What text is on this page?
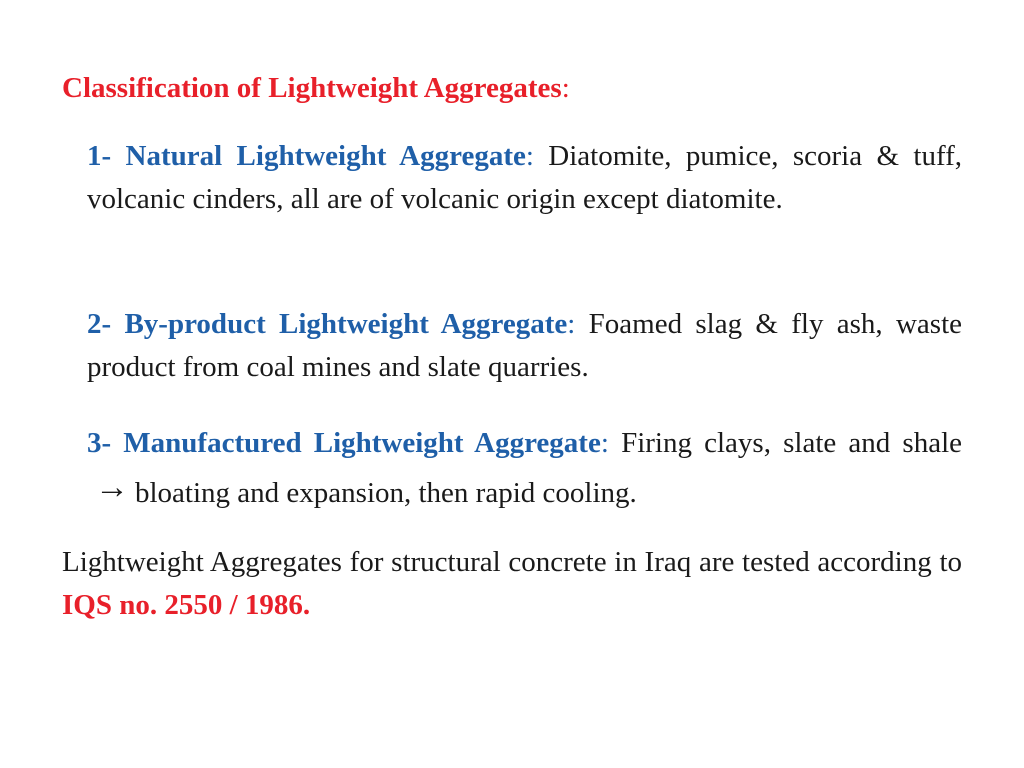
Classification of Lightweight Aggregates:
1- Natural Lightweight Aggregate: Diatomite, pumice, scoria & tuff, volcanic cinders, all are of volcanic origin except diatomite.
2- By-product Lightweight Aggregate: Foamed slag & fly ash, waste product from coal mines and slate quarries.
3- Manufactured Lightweight Aggregate: Firing clays, slate and shale→ bloating and expansion, then rapid cooling.
Lightweight Aggregates for structural concrete in Iraq are tested according to IQS no. 2550 / 1986.
